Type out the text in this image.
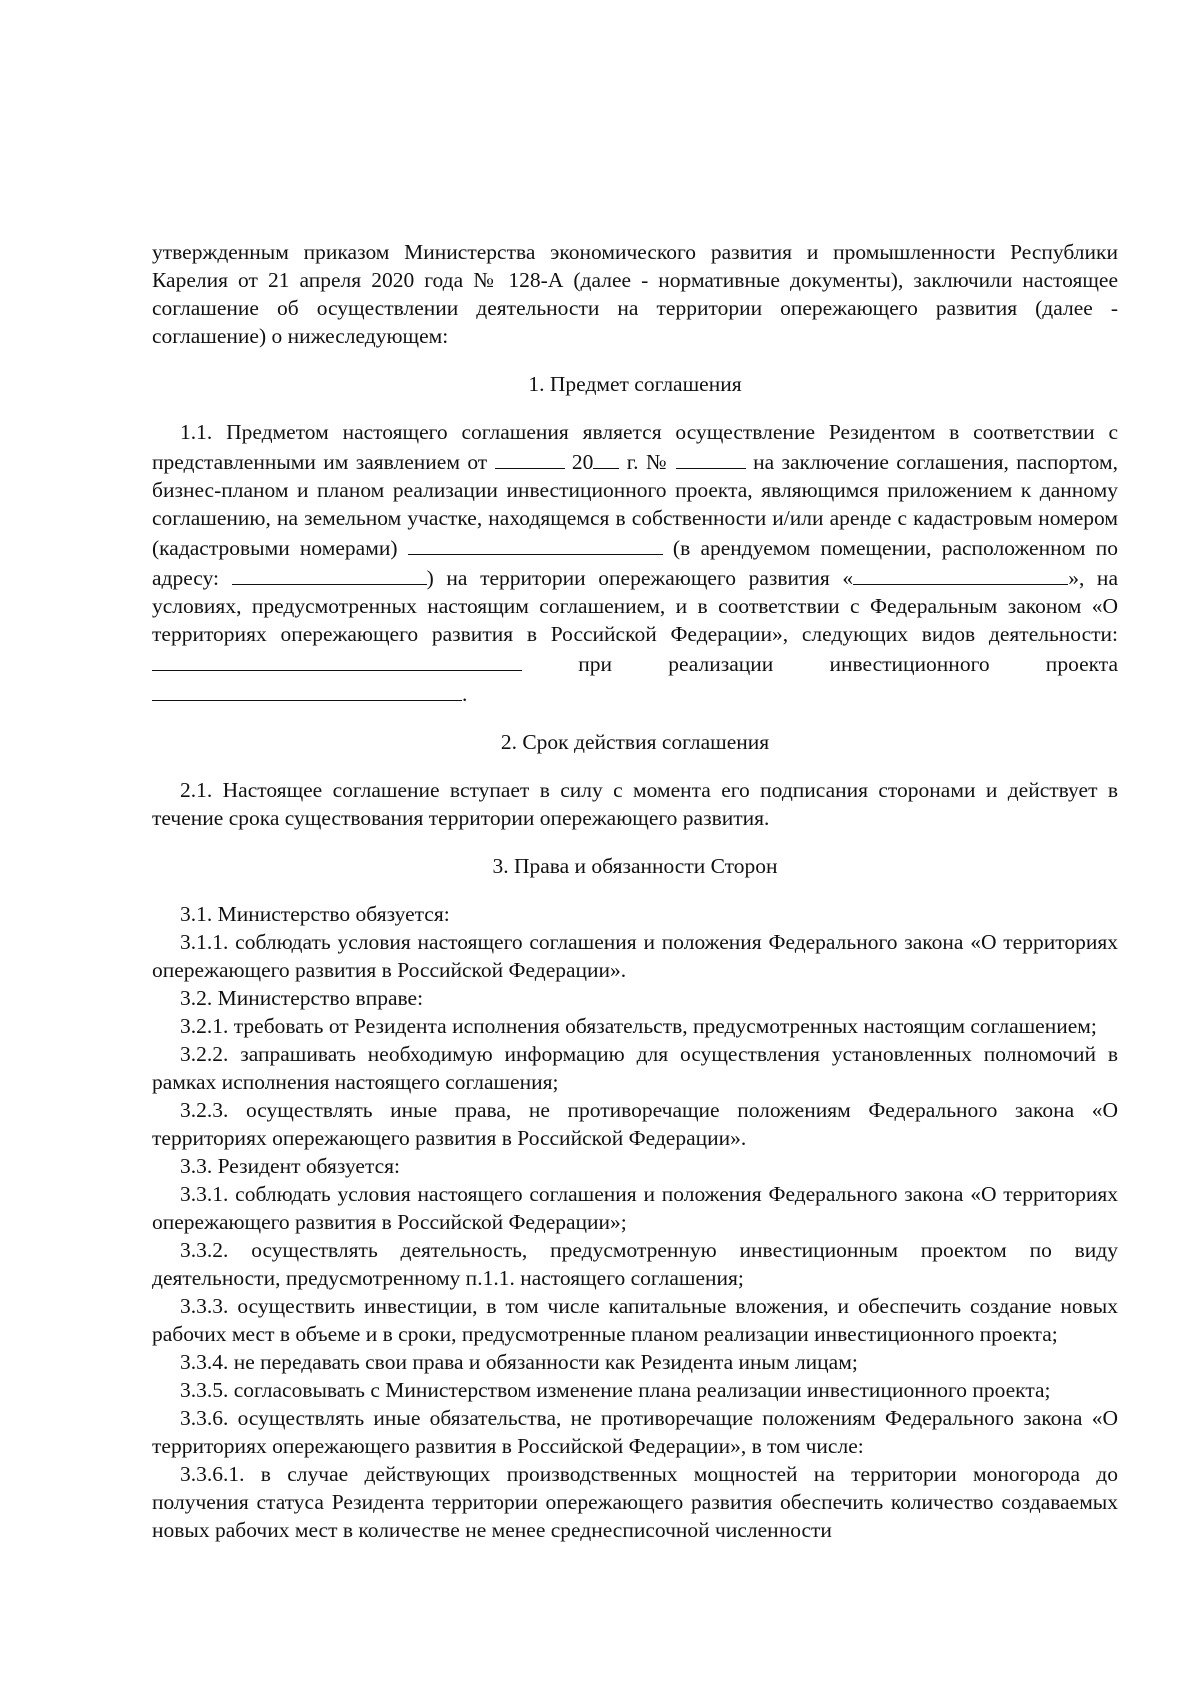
утвержденным приказом Министерства экономического развития и промышленности Республики Карелия от 21 апреля 2020 года № 128-А (далее - нормативные документы), заключили настоящее соглашение об осуществлении деятельности на территории опережающего развития (далее - соглашение) о нижеследующем:

1. Предмет соглашения

1.1. Предметом настоящего соглашения является осуществление Резидентом в соответствии с представленными им заявлением от	20 г. №	на заключение соглашения, паспортом, бизнес-планом и планом реализации инвестиционного проекта, являющимся приложением к данному соглашению, на земельном участке, находящемся в собственности и/или аренде с кадастровым номером (кадастровыми номерами)	(в арендуемом помещении, расположенном по адресу:	) на территории опережающего развития «	», на условиях, предусмотренных настоящим соглашением, и в соответствии с Федеральным законом «О территориях опережающего развития в Российской Федерации», следующих видов деятельности: при реализации инвестиционного проекта .

2. Срок действия соглашения

2.1. Настоящее соглашение вступает в силу с момента его подписания сторонами и действует в течение срока существования территории опережающего развития.

3. Права и обязанности Сторон

3.1. Министерство обязуется:

3.1.1. соблюдать условия настоящего соглашения и положения Федерального закона «О территориях опережающего развития в Российской Федерации».

3.2. Министерство вправе:

3.2.1. требовать от Резидента исполнения обязательств, предусмотренных настоящим соглашением;

3.2.2. запрашивать необходимую информацию для осуществления установленных полномочий в рамках исполнения настоящего соглашения;

3.2.3. осуществлять иные права, не противоречащие положениям Федерального закона «О территориях опережающего развития в Российской Федерации».

3.3. Резидент обязуется:

3.3.1. соблюдать условия настоящего соглашения и положения Федерального закона «О территориях опережающего развития в Российской Федерации»;

3.3.2. осуществлять деятельность, предусмотренную инвестиционным проектом по виду деятельности, предусмотренному п.1.1. настоящего соглашения;

3.3.3. осуществить инвестиции, в том числе капитальные вложения, и обеспечить создание новых рабочих мест в объеме и в сроки, предусмотренные планом реализации инвестиционного проекта;

3.3.4. не передавать свои права и обязанности как Резидента иным лицам;

3.3.5. согласовывать с Министерством изменение плана реализации инвестиционного проекта;

3.3.6. осуществлять иные обязательства, не противоречащие положениям Федерального закона «О территориях опережающего развития в Российской Федерации», в том числе:

3.3.6.1. в случае действующих производственных мощностей на территории моногорода до получения статуса Резидента территории опережающего развития обеспечить количество создаваемых новых рабочих мест в количестве не менее среднесписочной численности
